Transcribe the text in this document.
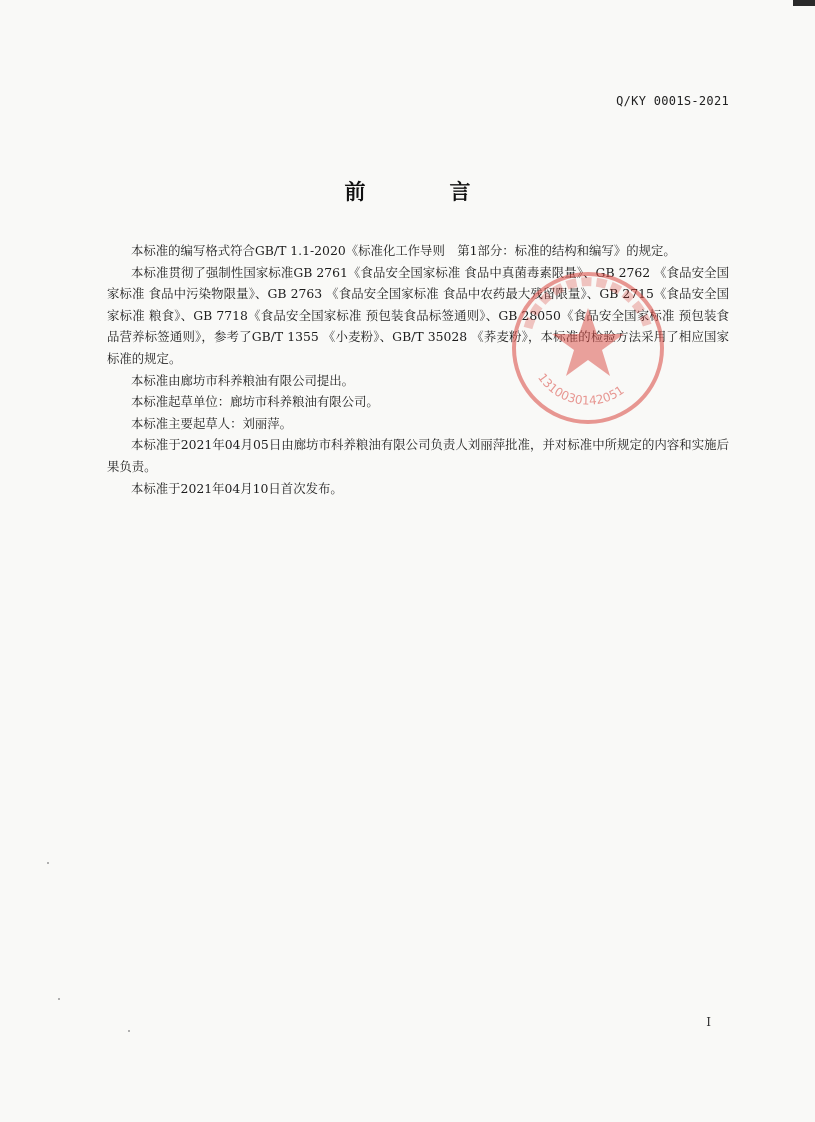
Q/KY 0001S-2021
前	言

本标准的编写格式符合GB/T 1.1-2020《标准化工作导则　第1部分：标准的结构和编写》的规定。

本标准贯彻了强制性国家标准GB 2761《食品安全国家标准 食品中真菌毒素限量》、GB 2762 《食品安全国家标准 食品中污染物限量》、GB 2763 《食品安全国家标准 食品中农药最大残留限量》、GB 2715《食品安全国家标准 粮食》、GB 7718《食品安全国家标准 预包装食品标签通则》、GB 28050《食品安全国家标准 预包装食品营养标签通则》，参考了GB/T 1355 《小麦粉》、GB/T 35028 《荞麦粉》，本标准的检验方法采用了相应国家标准的规定。

本标准由廊坊市科养粮油有限公司提出。

本标准起草单位：廊坊市科养粮油有限公司。

本标准主要起草人：刘丽萍。

本标准于2021年04月05日由廊坊市科养粮油有限公司负责人刘丽萍批准，并对标准中所规定的内容和实施后果负责。

本标准于2021年04月10日首次发布。

1310030142051
I
